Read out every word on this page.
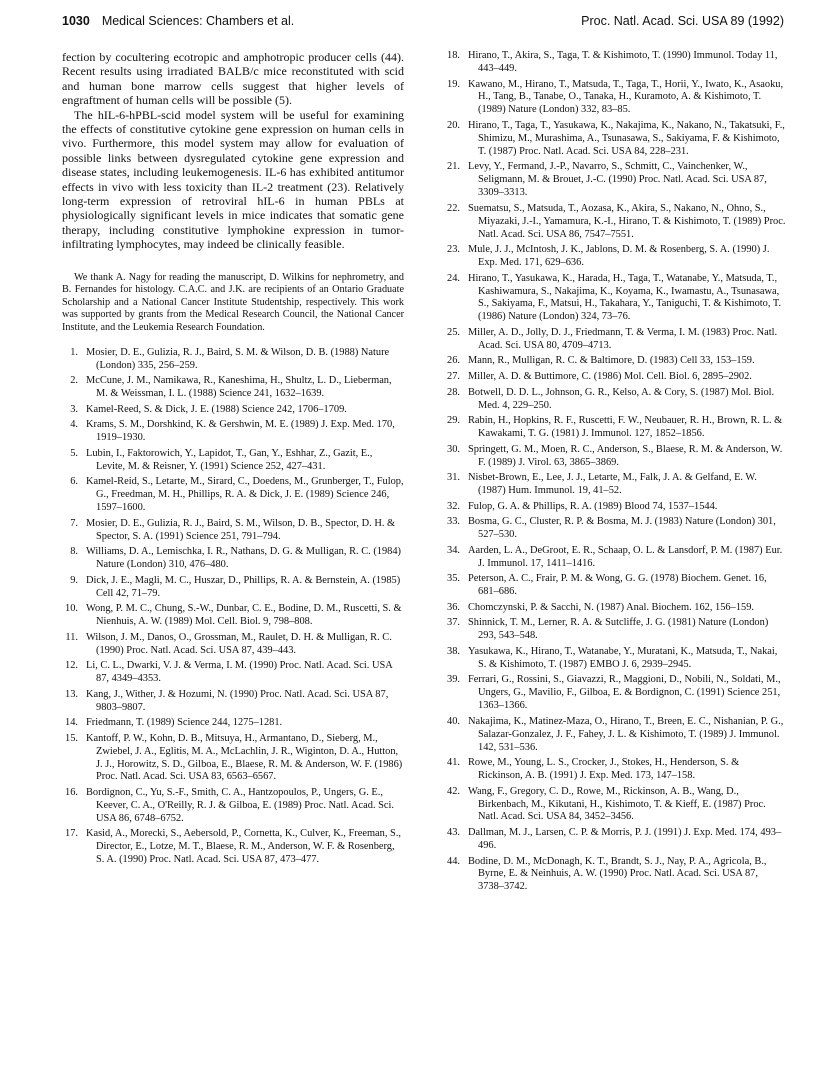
1030 Medical Sciences: Chambers et al.	Proc. Natl. Acad. Sci. USA 89 (1992)

fection by cocultering ecotropic and amphotropic producer cells (44). Recent results using irradiated BALB/c mice reconstituted with scid and human bone marrow cells suggest that higher levels of engraftment of human cells will be possible (5).

The hIL-6-hPBL-scid model system will be useful for examining the effects of constitutive cytokine gene expression on human cells in vivo. Furthermore, this model system may allow for evaluation of possible links between dysregulated cytokine gene expression and disease states, including leukemogenesis. IL-6 has exhibited antitumor effects in vivo with less toxicity than IL-2 treatment (23). Relatively long-term expression of retroviral hIL-6 in human PBLs at physiologically significant levels in mice indicates that somatic gene therapy, including constitutive lymphokine expression in tumor-infiltrating lymphocytes, may indeed be clinically feasible.

We thank A. Nagy for reading the manuscript, D. Wilkins for nephrometry, and B. Fernandes for histology. C.A.C. and J.K. are recipients of an Ontario Graduate Scholarship and a National Cancer Institute Studentship, respectively. This work was supported by grants from the Medical Research Council, the National Cancer Institute, and the Leukemia Research Foundation.

1. Mosier, D. E., Gulizia, R. J., Baird, S. M. & Wilson, D. B. (1988) Nature (London) 335, 256–259.
2. McCune, J. M., Namikawa, R., Kaneshima, H., Shultz, L. D., Lieberman, M. & Weissman, I. L. (1988) Science 241, 1632–1639.
3. Kamel-Reed, S. & Dick, J. E. (1988) Science 242, 1706–1709.
4. Krams, S. M., Dorshkind, K. & Gershwin, M. E. (1989) J. Exp. Med. 170, 1919–1930.
5. Lubin, I., Faktorowich, Y., Lapidot, T., Gan, Y., Eshhar, Z., Gazit, E., Levite, M. & Reisner, Y. (1991) Science 252, 427–431.
6. Kamel-Reid, S., Letarte, M., Sirard, C., Doedens, M., Grunberger, T., Fulop, G., Freedman, M. H., Phillips, R. A. & Dick, J. E. (1989) Science 246, 1597–1600.
7. Mosier, D. E., Gulizia, R. J., Baird, S. M., Wilson, D. B., Spector, D. H. & Spector, S. A. (1991) Science 251, 791–794.
8. Williams, D. A., Lemischka, I. R., Nathans, D. G. & Mulligan, R. C. (1984) Nature (London) 310, 476–480.
9. Dick, J. E., Magli, M. C., Huszar, D., Phillips, R. A. & Bernstein, A. (1985) Cell 42, 71–79.
10. Wong, P. M. C., Chung, S.-W., Dunbar, C. E., Bodine, D. M., Ruscetti, S. & Nienhuis, A. W. (1989) Mol. Cell. Biol. 9, 798–808.
11. Wilson, J. M., Danos, O., Grossman, M., Raulet, D. H. & Mulligan, R. C. (1990) Proc. Natl. Acad. Sci. USA 87, 439–443.
12. Li, C. L., Dwarki, V. J. & Verma, I. M. (1990) Proc. Natl. Acad. Sci. USA 87, 4349–4353.
13. Kang, J., Wither, J. & Hozumi, N. (1990) Proc. Natl. Acad. Sci. USA 87, 9803–9807.
14. Friedmann, T. (1989) Science 244, 1275–1281.
15. Kantoff, P. W., Kohn, D. B., Mitsuya, H., Armantano, D., Sieberg, M., Zwiebel, J. A., Eglitis, M. A., McLachlin, J. R., Wiginton, D. A., Hutton, J. J., Horowitz, S. D., Gilboa, E., Blaese, R. M. & Anderson, W. F. (1986) Proc. Natl. Acad. Sci. USA 83, 6563–6567.
16. Bordignon, C., Yu, S.-F., Smith, C. A., Hantzopoulos, P., Ungers, G. E., Keever, C. A., O'Reilly, R. J. & Gilboa, E. (1989) Proc. Natl. Acad. Sci. USA 86, 6748–6752.
17. Kasid, A., Morecki, S., Aebersold, P., Cornetta, K., Culver, K., Freeman, S., Director, E., Lotze, M. T., Blaese, R. M., Anderson, W. F. & Rosenberg, S. A. (1990) Proc. Natl. Acad. Sci. USA 87, 473–477.
18. Hirano, T., Akira, S., Taga, T. & Kishimoto, T. (1990) Immunol. Today 11, 443–449.
19. Kawano, M., Hirano, T., Matsuda, T., Taga, T., Horii, Y., Iwato, K., Asaoku, H., Tang, B., Tanabe, O., Tanaka, H., Kuramoto, A. & Kishimoto, T. (1989) Nature (London) 332, 83–85.
20. Hirano, T., Taga, T., Yasukawa, K., Nakajima, K., Nakano, N., Takatsuki, F., Shimizu, M., Murashima, A., Tsunasawa, S., Sakiyama, F. & Kishimoto, T. (1987) Proc. Natl. Acad. Sci. USA 84, 228–231.
21. Levy, Y., Fermand, J.-P., Navarro, S., Schmitt, C., Vainchenker, W., Seligmann, M. & Brouet, J.-C. (1990) Proc. Natl. Acad. Sci. USA 87, 3309–3313.
22. Suematsu, S., Matsuda, T., Aozasa, K., Akira, S., Nakano, N., Ohno, S., Miyazaki, J.-I., Yamamura, K.-I., Hirano, T. & Kishimoto, T. (1989) Proc. Natl. Acad. Sci. USA 86, 7547–7551.
23. Mule, J. J., McIntosh, J. K., Jablons, D. M. & Rosenberg, S. A. (1990) J. Exp. Med. 171, 629–636.
24. Hirano, T., Yasukawa, K., Harada, H., Taga, T., Watanabe, Y., Matsuda, T., Kashiwamura, S., Nakajima, K., Koyama, K., Iwamastu, A., Tsunasawa, S., Sakiyama, F., Matsui, H., Takahara, Y., Taniguchi, T. & Kishimoto, T. (1986) Nature (London) 324, 73–76.
25. Miller, A. D., Jolly, D. J., Friedmann, T. & Verma, I. M. (1983) Proc. Natl. Acad. Sci. USA 80, 4709–4713.
26. Mann, R., Mulligan, R. C. & Baltimore, D. (1983) Cell 33, 153–159.
27. Miller, A. D. & Buttimore, C. (1986) Mol. Cell. Biol. 6, 2895–2902.
28. Botwell, D. D. L., Johnson, G. R., Kelso, A. & Cory, S. (1987) Mol. Biol. Med. 4, 229–250.
29. Rabin, H., Hopkins, R. F., Ruscetti, F. W., Neubauer, R. H., Brown, R. L. & Kawakami, T. G. (1981) J. Immunol. 127, 1852–1856.
30. Springett, G. M., Moen, R. C., Anderson, S., Blaese, R. M. & Anderson, W. F. (1989) J. Virol. 63, 3865–3869.
31. Nisbet-Brown, E., Lee, J. J., Letarte, M., Falk, J. A. & Gelfand, E. W. (1987) Hum. Immunol. 19, 41–52.
32. Fulop, G. A. & Phillips, R. A. (1989) Blood 74, 1537–1544.
33. Bosma, G. C., Cluster, R. P. & Bosma, M. J. (1983) Nature (London) 301, 527–530.
34. Aarden, L. A., DeGroot, E. R., Schaap, O. L. & Lansdorf, P. M. (1987) Eur. J. Immunol. 17, 1411–1416.
35. Peterson, A. C., Frair, P. M. & Wong, G. G. (1978) Biochem. Genet. 16, 681–686.
36. Chomczynski, P. & Sacchi, N. (1987) Anal. Biochem. 162, 156–159.
37. Shinnick, T. M., Lerner, R. A. & Sutcliffe, J. G. (1981) Nature (London) 293, 543–548.
38. Yasukawa, K., Hirano, T., Watanabe, Y., Muratani, K., Matsuda, T., Nakai, S. & Kishimoto, T. (1987) EMBO J. 6, 2939–2945.
39. Ferrari, G., Rossini, S., Giavazzi, R., Maggioni, D., Nobili, N., Soldati, M., Ungers, G., Mavilio, F., Gilboa, E. & Bordignon, C. (1991) Science 251, 1363–1366.
40. Nakajima, K., Matinez-Maza, O., Hirano, T., Breen, E. C., Nishanian, P. G., Salazar-Gonzalez, J. F., Fahey, J. L. & Kishimoto, T. (1989) J. Immunol. 142, 531–536.
41. Rowe, M., Young, L. S., Crocker, J., Stokes, H., Henderson, S. & Rickinson, A. B. (1991) J. Exp. Med. 173, 147–158.
42. Wang, F., Gregory, C. D., Rowe, M., Rickinson, A. B., Wang, D., Birkenbach, M., Kikutani, H., Kishimoto, T. & Kieff, E. (1987) Proc. Natl. Acad. Sci. USA 84, 3452–3456.
43. Dallman, M. J., Larsen, C. P. & Morris, P. J. (1991) J. Exp. Med. 174, 493–496.
44. Bodine, D. M., McDonagh, K. T., Brandt, S. J., Nay, P. A., Agricola, B., Byrne, E. & Neinhuis, A. W. (1990) Proc. Natl. Acad. Sci. USA 87, 3738–3742.
